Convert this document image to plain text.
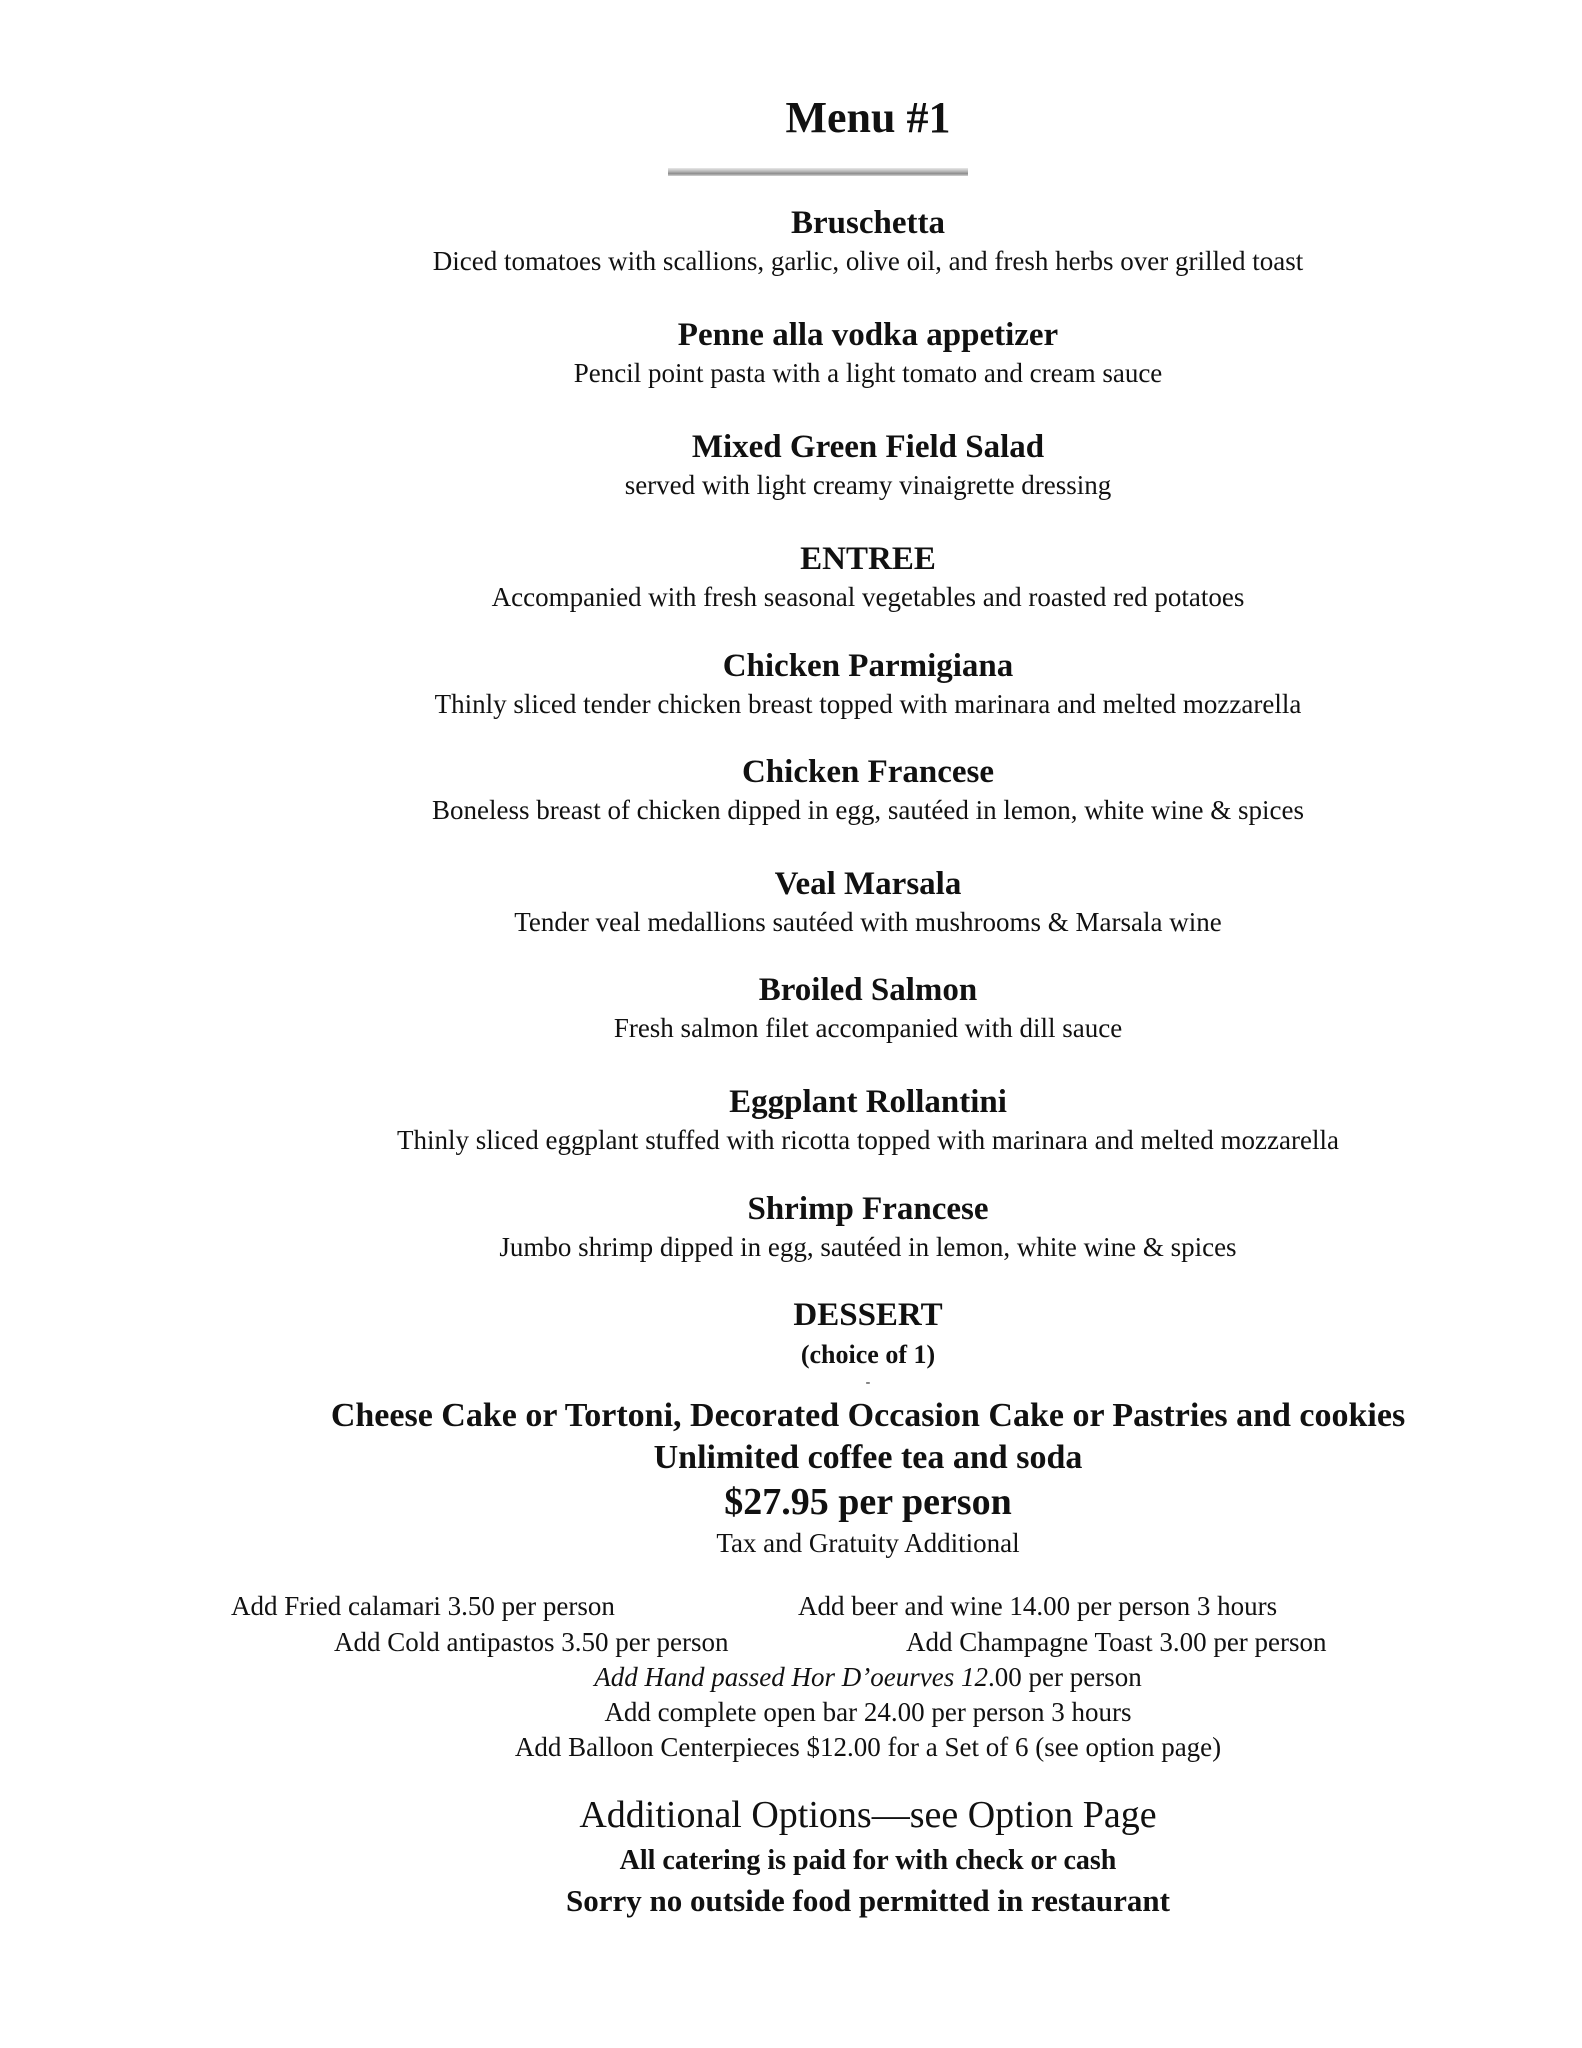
Menu #1
Bruschetta
Diced tomatoes with scallions, garlic, olive oil, and fresh herbs over grilled toast
Penne alla vodka appetizer
Pencil point pasta with a light tomato and cream sauce
Mixed Green Field Salad
served with light creamy vinaigrette dressing
ENTREE
Accompanied with fresh seasonal vegetables and roasted red potatoes
Chicken Parmigiana
Thinly sliced tender chicken breast topped with marinara and melted mozzarella
Chicken Francese
Boneless breast of chicken dipped in egg, sautéed in lemon, white wine & spices
Veal Marsala
Tender veal medallions sautéed with mushrooms & Marsala wine
Broiled Salmon
Fresh salmon filet accompanied with dill sauce
Eggplant Rollantini
Thinly sliced eggplant stuffed with ricotta topped with marinara and melted mozzarella
Shrimp Francese
Jumbo shrimp dipped in egg, sautéed in lemon, white wine & spices
DESSERT
(choice of 1)
-
Cheese Cake or Tortoni, Decorated Occasion Cake or Pastries and cookies
Unlimited coffee tea and soda
$27.95 per person
Tax and Gratuity Additional
Add Fried calamari 3.50 per person	Add beer and wine 14.00 per person 3 hours
Add Cold antipastos 3.50 per person	Add Champagne Toast 3.00 per person
Add Hand passed Hor D’oeurves 12.00 per person
Add complete open bar 24.00 per person 3 hours
Add Balloon Centerpieces $12.00 for a Set of 6 (see option page)
Additional Options—see Option Page
All catering is paid for with check or cash
Sorry no outside food permitted in restaurant
